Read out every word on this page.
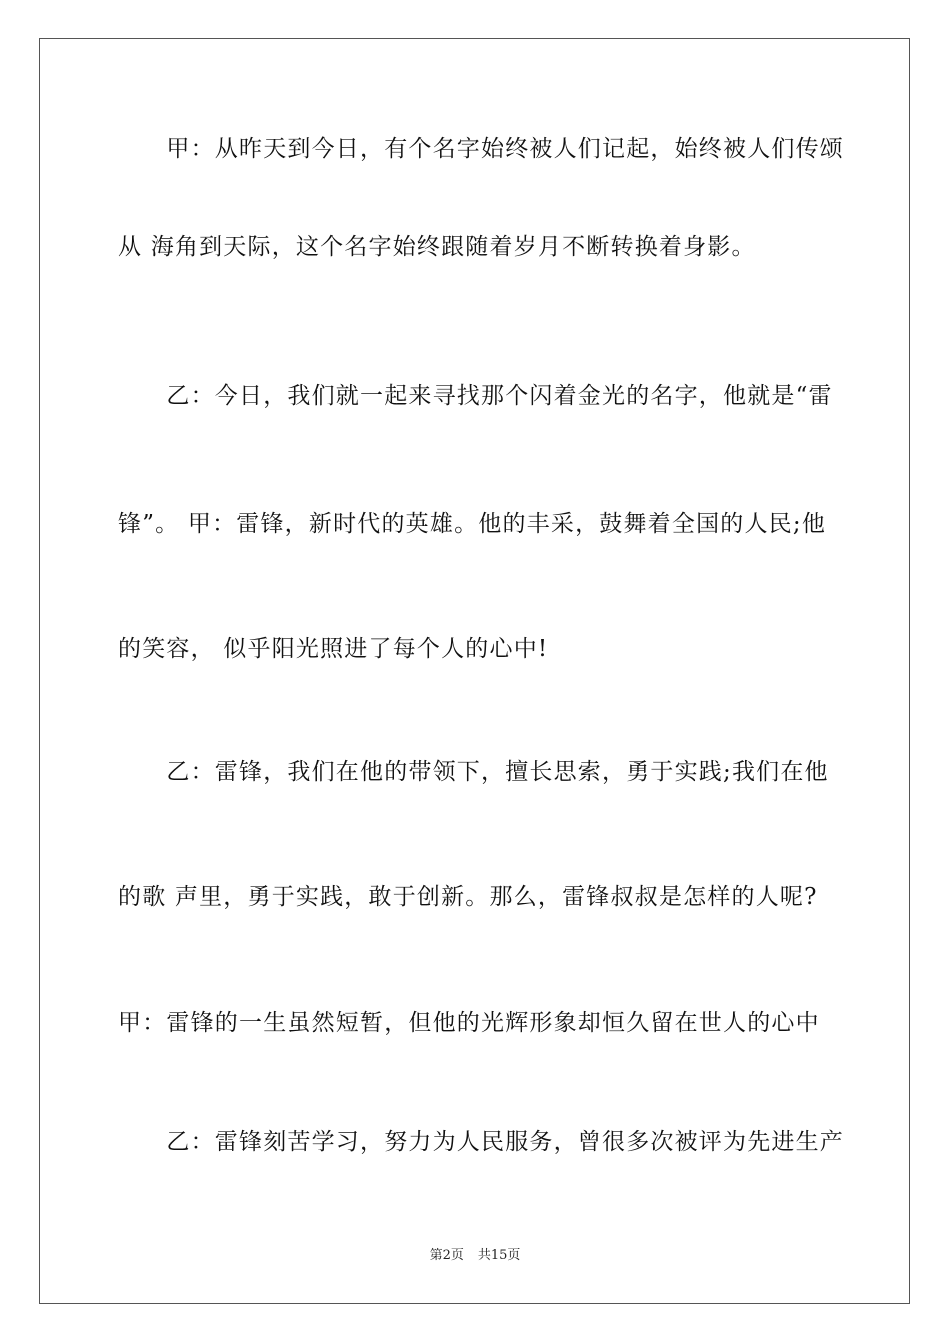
　　甲：从昨天到今日，有个名字始终被人们记起，始终被人们传颂
从 海角到天际，这个名字始终跟随着岁月不断转换着身影。
　　乙：今日，我们就一起来寻找那个闪着金光的名字，他就是“雷
锋”。 甲：雷锋，新时代的英雄。他的丰采，鼓舞着全国的人民;他
的笑容， 似乎阳光照进了每个人的心中!
　　乙：雷锋，我们在他的带领下，擅长思索，勇于实践;我们在他
的歌 声里，勇于实践，敢于创新。那么，雷锋叔叔是怎样的人呢?
甲：雷锋的一生虽然短暂，但他的光辉形象却恒久留在世人的心中
　　乙：雷锋刻苦学习，努力为人民服务，曾很多次被评为先进生产
第2页 共15页
